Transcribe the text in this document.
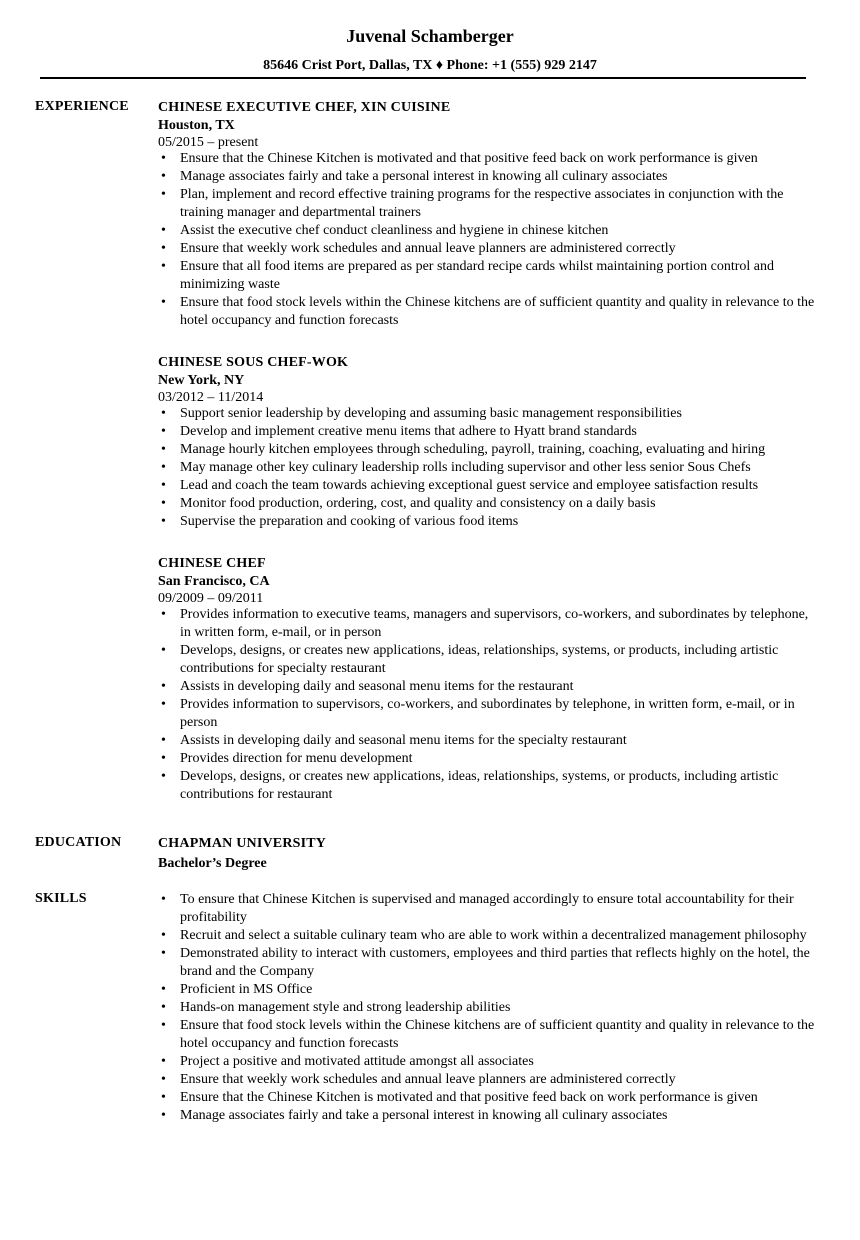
Juvenal Schamberger
85646 Crist Port, Dallas, TX ♦ Phone: +1 (555) 929 2147
EXPERIENCE CHINESE EXECUTIVE CHEF, XIN CUISINE
Houston, TX
05/2015 – present
• Ensure that the Chinese Kitchen is motivated and that positive feed back on work performance is given
• Manage associates fairly and take a personal interest in knowing all culinary associates
• Plan, implement and record effective training programs for the respective associates in conjunction with the training manager and departmental trainers
• Assist the executive chef conduct cleanliness and hygiene in chinese kitchen
• Ensure that weekly work schedules and annual leave planners are administered correctly
• Ensure that all food items are prepared as per standard recipe cards whilst maintaining portion control and minimizing waste
• Ensure that food stock levels within the Chinese kitchens are of sufficient quantity and quality in relevance to the hotel occupancy and function forecasts
CHINESE SOUS CHEF-WOK
New York, NY
03/2012 – 11/2014
• Support senior leadership by developing and assuming basic management responsibilities
• Develop and implement creative menu items that adhere to Hyatt brand standards
• Manage hourly kitchen employees through scheduling, payroll, training, coaching, evaluating and hiring
• May manage other key culinary leadership rolls including supervisor and other less senior Sous Chefs
• Lead and coach the team towards achieving exceptional guest service and employee satisfaction results
• Monitor food production, ordering, cost, and quality and consistency on a daily basis
• Supervise the preparation and cooking of various food items
CHINESE CHEF
San Francisco, CA
09/2009 – 09/2011
• Provides information to executive teams, managers and supervisors, co-workers, and subordinates by telephone, in written form, e-mail, or in person
• Develops, designs, or creates new applications, ideas, relationships, systems, or products, including artistic contributions for specialty restaurant
• Assists in developing daily and seasonal menu items for the restaurant
• Provides information to supervisors, co-workers, and subordinates by telephone, in written form, e-mail, or in person
• Assists in developing daily and seasonal menu items for the specialty restaurant
• Provides direction for menu development
• Develops, designs, or creates new applications, ideas, relationships, systems, or products, including artistic contributions for restaurant
EDUCATION	CHAPMAN UNIVERSITY
Bachelor’s Degree
SKILLS	• To ensure that Chinese Kitchen is supervised and managed accordingly to ensure total accountability for their profitability
• Recruit and select a suitable culinary team who are able to work within a decentralized management philosophy
• Demonstrated ability to interact with customers, employees and third parties that reflects highly on the hotel, the brand and the Company
• Proficient in MS Office
• Hands-on management style and strong leadership abilities
• Ensure that food stock levels within the Chinese kitchens are of sufficient quantity and quality in relevance to the hotel occupancy and function forecasts
• Project a positive and motivated attitude amongst all associates
• Ensure that weekly work schedules and annual leave planners are administered correctly
• Ensure that the Chinese Kitchen is motivated and that positive feed back on work performance is given
• Manage associates fairly and take a personal interest in knowing all culinary associates
